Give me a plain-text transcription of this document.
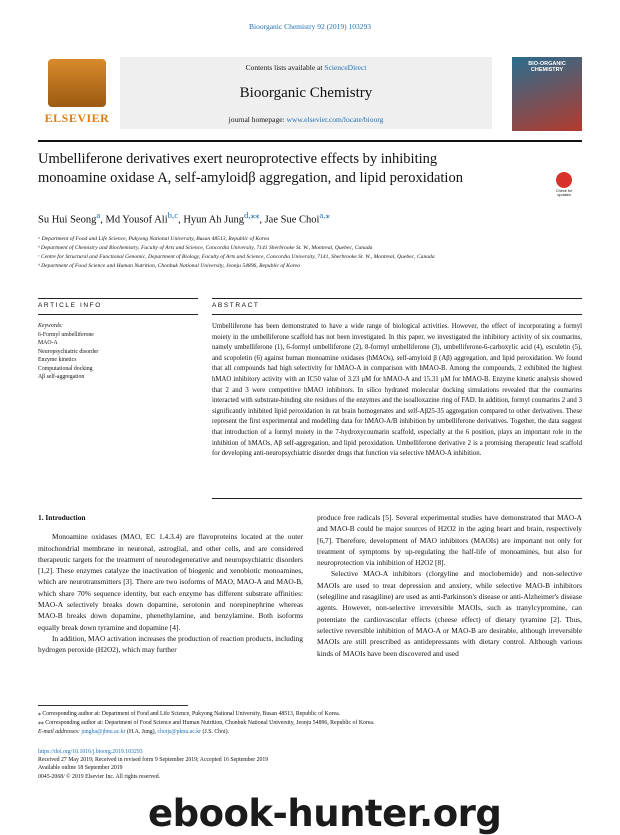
Bioorganic Chemistry 92 (2019) 103293
ELSEVIER
Contents lists available at ScienceDirect
Bioorganic Chemistry
journal homepage: www.elsevier.com/locate/bioorg
BIO-ORGANIC CHEMISTRY
Umbelliferone derivatives exert neuroprotective effects by inhibiting monoamine oxidase A, self-amyloidβ aggregation, and lipid peroxidation
Check for updates
Su Hui Seong$^a$, Md Yousof Ali$^{b,c}$, Hyun Ah Jung$^{d,⁎⁎}$, Jae Sue Choi$^{a,⁎}$
ᵃ Department of Food and Life Science, Pukyong National University, Busan 48513, Republic of Korea
ᵇ Department of Chemistry and Biochemistry, Faculty of Arts and Science, Concordia University, 7141 Sherbrooke St. W., Montreal, Quebec, Canada
ᶜ Centre for Structural and Functional Genomic, Department of Biology, Faculty of Arts and Science, Concordia University, 7141, Sherbrooke St. W., Montreal, Quebec, Canada
ᵈ Department of Food Science and Human Nutrition, Chonbuk National University, Jeonju 54896, Republic of Korea
ARTICLE INFO	ABSTRACT
Keywords:
6-Formyl umbelliferone
MAO-A
Neuropsychiatric disorder
Enzyme kinetics
Computational docking
Aβ self-aggregation
Umbelliferone has been demonstrated to have a wide range of biological activities. However, the effect of incorporating a formyl moiety in the umbelliferone scaffold has not been investigated. In this paper, we investigated the inhibitory activity of six coumarins, namely umbelliferone (1), 6-formyl umbelliferone (2), 8-formyl umbelliferone (3), umbelliferone-6-carboxylic acid (4), esculetin (5), and scopoletin (6) against human monoamine oxidases (hMAOs), self-amyloid β (Aβ) aggregation, and lipid peroxidation. We found that all compounds had high selectivity for hMAO-A in comparison with hMAO-B. Among the compounds, 2 exhibited the highest hMAO inhibitory activity with an IC50 value of 3.23 μM for hMAO-A and 15.31 μM for hMAO-B. Enzyme kinetic analysis showed that 2 and 3 were competitive hMAO inhibitors. In silico hydrated molecular docking simulations revealed that the coumarins interacted with substrate-binding site residues of the enzymes and the isoalloxazine ring of FAD. In addition, formyl coumarins 2 and 3 significantly inhibited lipid peroxidation in rat brain homogenates and self-Aβ25-35 aggregation compared to other derivatives. These represent the first experimental and modelling data for hMAO-A/B inhibition by umbelliferone derivatives. Together, the data suggest that introduction of a formyl moiety in the 7-hydroxycoumarin scaffold, especially at the 6 position, plays an important role in the inhibition of hMAOs, Aβ self-aggregation, and lipid peroxidation. Umbelliferone derivative 2 is a promising therapeutic lead scaffold for developing anti-neuropsychiatric disorder drugs that function via selective hMAO-A inhibition.
1. Introduction

Monoamine oxidases (MAO, EC 1.4.3.4) are flavoproteins located at the outer mitochondrial membrane in neuronal, astroglial, and other cells, and are considered therapeutic targets for the treatment of neurodegenerative and neuropsychiatric disorders [1,2]. These enzymes catalyze the inactivation of biogenic and xenobiotic monoamines, which are neurotransmitters [3]. There are two isoforms of MAO, MAO-A and MAO-B, which share 70% sequence identity, but each enzyme has different substrate affinities: MAO-A selectively breaks down dopamine, serotonin and norepinephrine whereas MAO-B breaks down dopamine, phenethylamine, and benzylamine. Both isoforms equally break down tyramine and dopamine [4].

In addition, MAO activation increases the production of reaction products, including hydrogen peroxide (H2O2), which may further

produce free radicals [5]. Several experimental studies have demonstrated that MAO-A and MAO-B could be major sources of H2O2 in the aging heart and brain, respectively [6,7]. Therefore, development of MAO inhibitors (MAOIs) are important not only for treatment of symptoms by up-regulating the half-life of monoamines, but also for neuroprotection via inhibition of H2O2 [8].

Selective MAO-A inhibitors (clorgyline and moclobemide) and non-selective MAOIs are used to treat depression and anxiety, while selective MAO-B inhibitors (selegiline and rasagiline) are used as anti-Parkinson's disease or anti-Alzheimer's disease agents. However, non-selective irreversible MAOIs, such as tranylcypromine, can potentiate the cardiovascular effects (cheese effect) of dietary tyramine [2]. Thus, selective reversible inhibition of MAO-A or MAO-B are desirable, although irreversible MAOIs are still prescribed as antidepressants with dietary control. Although various kinds of MAOIs have been discovered and used

⁎ Corresponding author at: Department of Food and Life Science, Pukyong National University, Busan 48513, Republic of Korea.
⁎⁎ Corresponding author at: Department of Food Science and Human Nutrition, Chonbuk National University, Jeonju 54896, Republic of Korea.
E-mail addresses: jungha@jbnu.ac.kr (H.A. Jung), choijs@pknu.ac.kr (J.S. Choi).
https://doi.org/10.1016/j.bioorg.2019.103293
Received 27 May 2019; Received in revised form 9 September 2019; Accepted 16 September 2019
Available online 18 September 2019
0045-2068/ © 2019 Elsevier Inc. All rights reserved.
ebook-hunter.org
